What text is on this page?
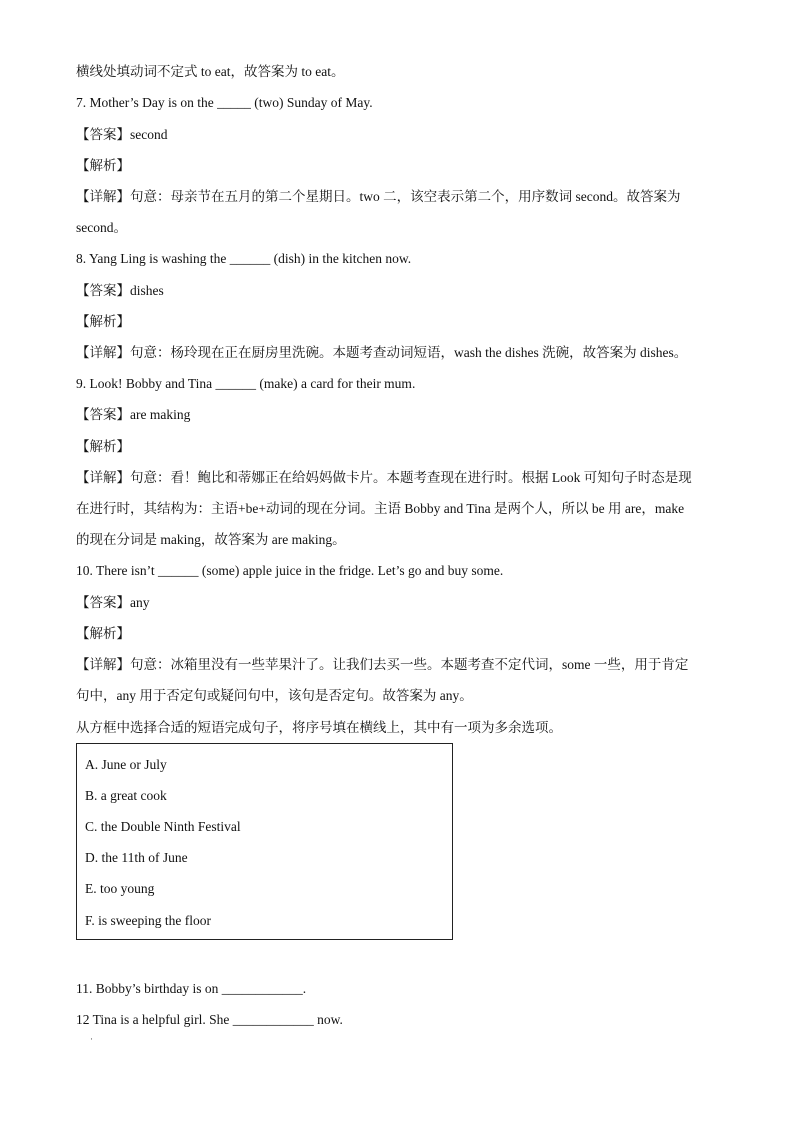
横线处填动词不定式 to eat，故答案为 to eat。
7. Mother’s Day is on the _____ (two) Sunday of May.
【答案】second
【解析】
【详解】句意：母亲节在五月的第二个星期日。two 二，该空表示第二个，用序数词 second。故答案为
second。
8. Yang Ling is washing the ______ (dish) in the kitchen now.
【答案】dishes
【解析】
【详解】句意：杨玲现在正在厨房里洗碗。本题考查动词短语，wash the dishes 洗碗，故答案为 dishes。
9. Look! Bobby and Tina ______ (make) a card for their mum.
【答案】are making
【解析】
【详解】句意：看！鲍比和蒂娜正在给妈妈做卡片。本题考查现在进行时。根据 Look 可知句子时态是现
在进行时，其结构为：主语+be+动词的现在分词。主语 Bobby and Tina 是两个人，所以 be 用 are，make
的现在分词是 making，故答案为 are making。
10. There isn’t ______ (some) apple juice in the fridge. Let’s go and buy some.
【答案】any
【解析】
【详解】句意：冰箱里没有一些苹果汁了。让我们去买一些。本题考查不定代词，some 一些，用于肯定
句中，any 用于否定句或疑问句中，该句是否定句。故答案为 any。
从方框中选择合适的短语完成句子，将序号填在横线上，其中有一项为多余选项。
A. June or July
B. a great cook
C. the Double Ninth Festival
D. the 11th of June
E. too young
F. is sweeping the floor
11. Bobby’s birthday is on ____________.
12 Tina is a helpful girl. She ____________ now.
·
